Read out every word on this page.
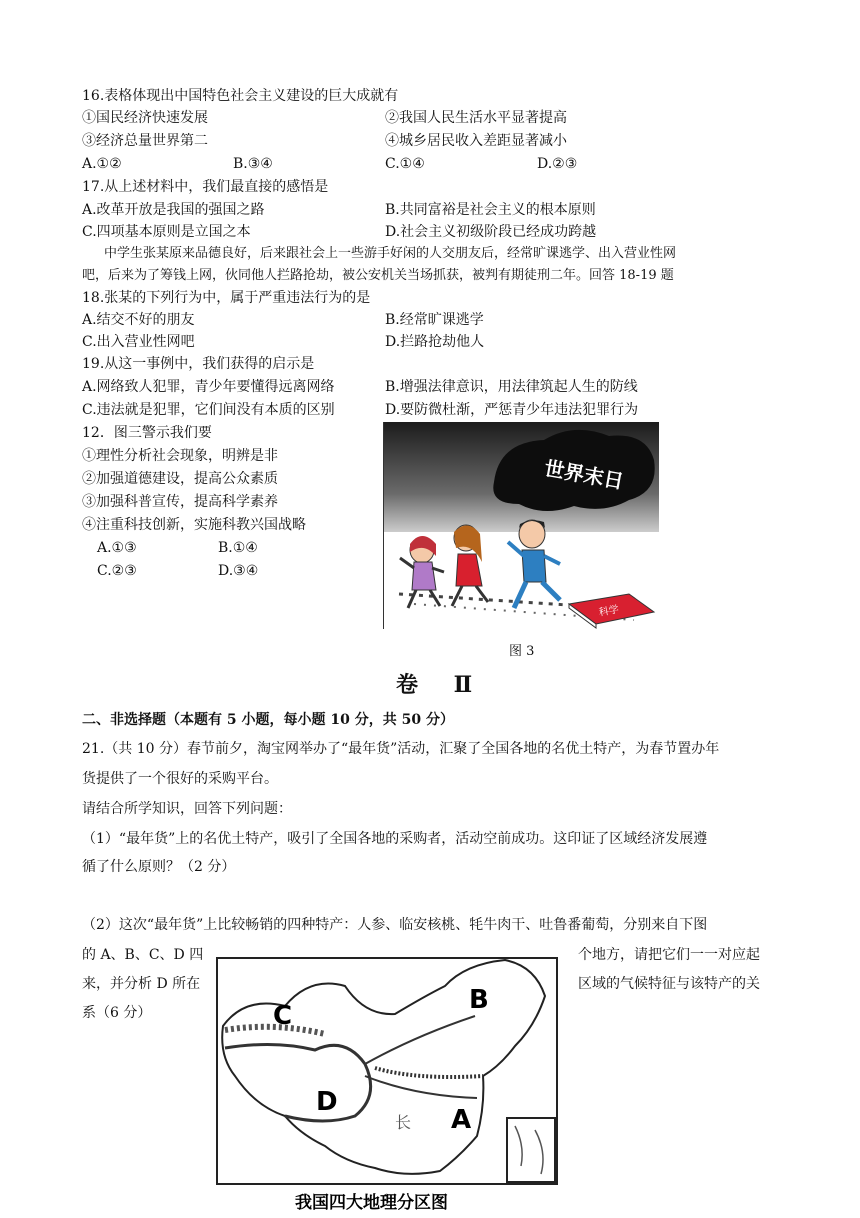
16.表格体现出中国特色社会主义建设的巨大成就有
①国民经济快速发展	②我国人民生活水平显著提高
③经济总量世界第二	④城乡居民收入差距显著减小
A.①②	B.③④	C.①④	D.②③
17.从上述材料中，我们最直接的感悟是
A.改革开放是我国的强国之路	B.共同富裕是社会主义的根本原则
C.四项基本原则是立国之本	D.社会主义初级阶段已经成功跨越
中学生张某原来品德良好，后来跟社会上一些游手好闲的人交朋友后，经常旷课逃学、出入营业性网
吧，后来为了筹钱上网，伙同他人拦路抢劫，被公安机关当场抓获，被判有期徒刑二年。回答 18-19 题
18.张某的下列行为中，属于严重违法行为的是
A.结交不好的朋友	B.经常旷课逃学
C.出入营业性网吧	D.拦路抢劫他人
19.从这一事例中，我们获得的启示是
A.网络致人犯罪，青少年要懂得远离网络	B.增强法律意识，用法律筑起人生的防线
C.违法就是犯罪，它们间没有本质的区别	D.要防微杜渐，严惩青少年违法犯罪行为
12．图三警示我们要
①理性分析社会现象，明辨是非
②加强道德建设，提高公众素质
③加强科普宣传，提高科学素养
④注重科技创新，实施科教兴国战略
A.①③	B.①④
C.②③	D.③④
世界末日
科学
图 3
卷 Ⅱ
二、非选择题（本题有 5 小题，每小题 10 分，共 50 分）
21.（共 10 分）春节前夕，淘宝网举办了“最年货”活动，汇聚了全国各地的名优土特产，为春节置办年
货提供了一个很好的采购平台。
请结合所学知识，回答下列问题：
（1）“最年货”上的名优土特产，吸引了全国各地的采购者，活动空前成功。这印证了区域经济发展遵
循了什么原则？（2 分）
（2）这次“最年货”上比较畅销的四种特产：人参、临安核桃、牦牛肉干、吐鲁番葡萄，分别来自下图
的 A、B、C、D 四	个地方，请把它们一一对应起
来，并分析 D 所在	区域的气候特征与该特产的关
系（6 分）	C
B
D
A
长
我国四大地理分区图
